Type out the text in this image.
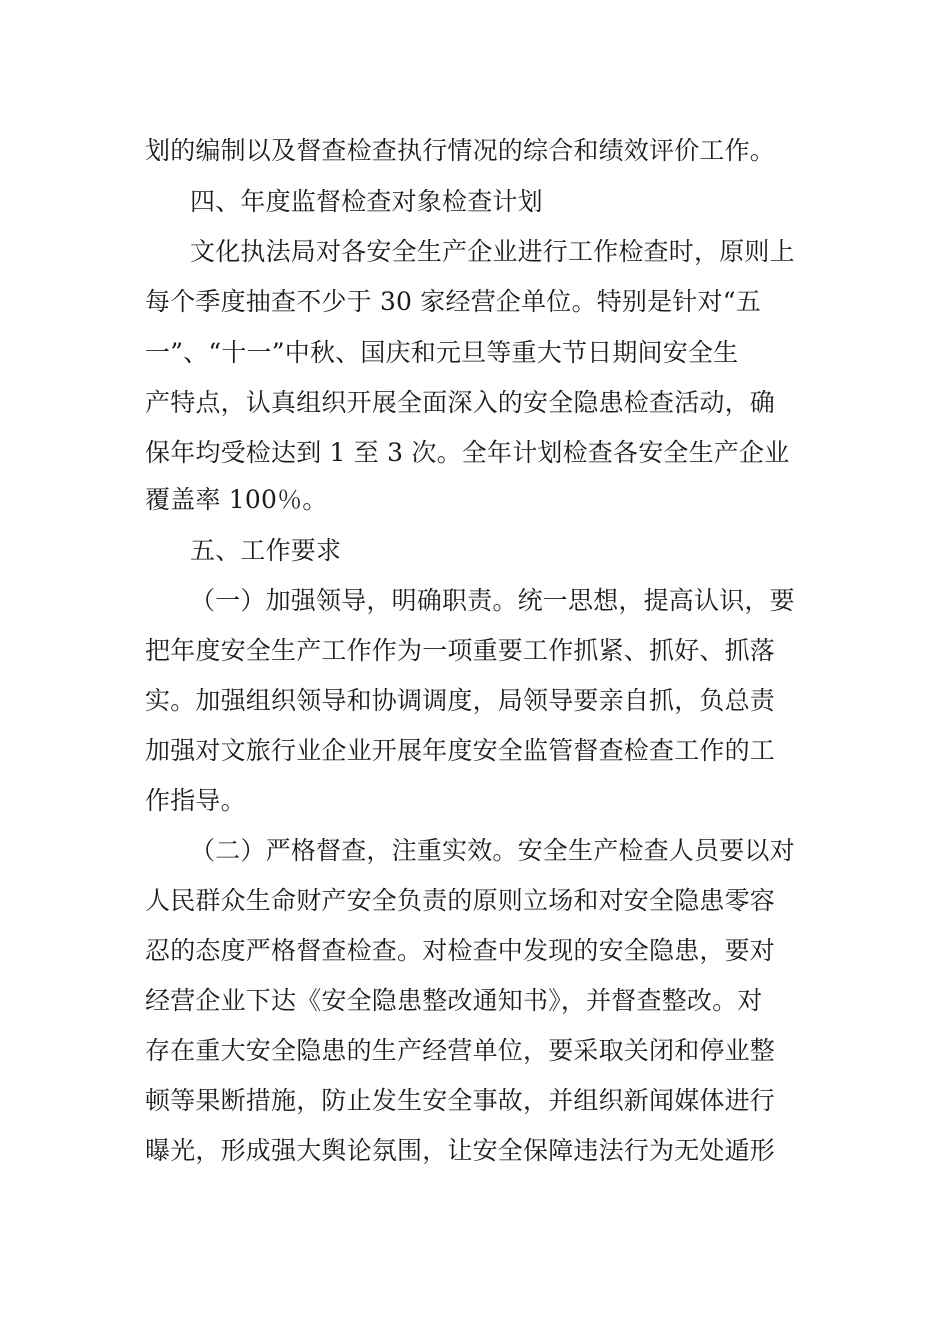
划的编制以及督查检查执行情况的综合和绩效评价工作。
四、年度监督检查对象检查计划
文化执法局对各安全生产企业进行工作检查时，原则上
每个季度抽查不少于 30 家经营企单位。特别是针对“五
一”、“十一”中秋、国庆和元旦等重大节日期间安全生
产特点，认真组织开展全面深入的安全隐患检查活动，确
保年均受检达到 1 至 3 次。全年计划检查各安全生产企业
覆盖率 100％。
五、工作要求
（一）加强领导，明确职责。统一思想，提高认识，要
把年度安全生产工作作为一项重要工作抓紧、抓好、抓落
实。加强组织领导和协调调度，局领导要亲自抓，负总责
加强对文旅行业企业开展年度安全监管督查检查工作的工
作指导。
（二）严格督查，注重实效。安全生产检查人员要以对
人民群众生命财产安全负责的原则立场和对安全隐患零容
忍的态度严格督查检查。对检查中发现的安全隐患，要对
经营企业下达《安全隐患整改通知书》，并督查整改。对
存在重大安全隐患的生产经营单位，要采取关闭和停业整
顿等果断措施，防止发生安全事故，并组织新闻媒体进行
曝光，形成强大舆论氛围，让安全保障违法行为无处遁形
